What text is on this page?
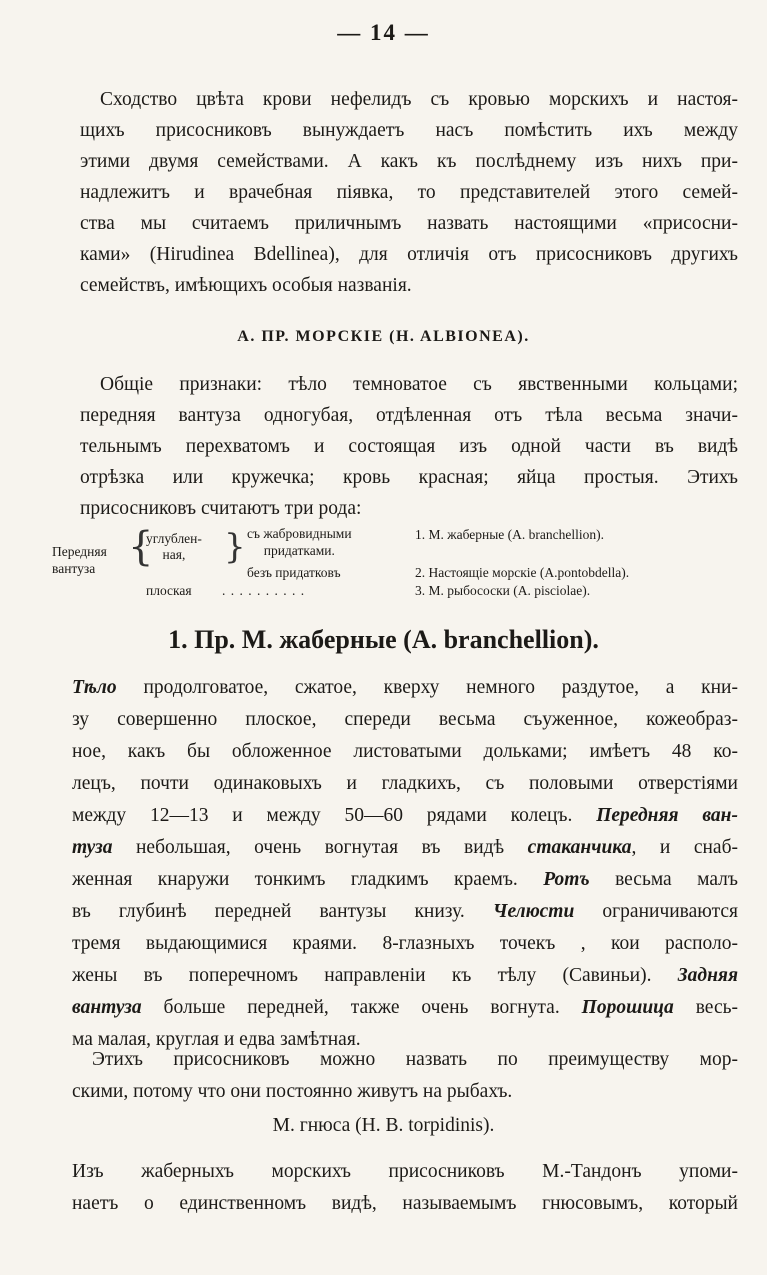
— 14 —
Сходство цвѣта крови нефелидъ съ кровью морскихъ и настоя-
щихъ присосниковъ вынуждаетъ насъ помѣстить ихъ между
этими двумя семействами. А какъ къ послѣднему изъ нихъ при-
надлежитъ и врачебная піявка, то представителей этого семей-
ства мы считаемъ приличнымъ назвать настоящими «присосни-
ками» (Hirudinea Bdellinea), для отличія отъ присосниковъ другихъ
семействъ, имѣющихъ особыя названія.
А. ПР. МОРСКІЕ (H. ALBIONEA).
Общіе признаки: тѣло темноватое съ явственными кольцами;
передняя вантуза одногубая, отдѣленная отъ тѣла весьма значи-
тельнымъ перехватомъ и состоящая изъ одной части въ видѣ
отрѣзка или кружечка; кровь красная; яйца простыя. Этихъ
присосниковъ считаютъ три рода:
Передняя
вантуза {
углублен-
ная,	} съ жабровидными
придатками.
безъ придатковъ
плоская . . . . . . . . . .
1. М. жаберные (A. branchellion).
2. Настоящіе морскіе (A.pontobdella).
3. М. рыбососки (A. pisciolae).
1. Пр. М. жаберные (A. branchellion).
Тѣло продолговатое, сжатое, кверху немного раздутое, а кни-
зу совершенно плоское, спереди весьма съуженное, кожеобраз-
ное, какъ бы обложенное листоватыми дольками; имѣетъ 48 ко-
лецъ, почти одинаковыхъ и гладкихъ, съ половыми отверстіями
между 12—13 и между 50—60 рядами колецъ. Передняя ван-
туза небольшая, очень вогнутая въ видѣ стаканчика, и снаб-
женная кнаружи тонкимъ гладкимъ краемъ. Ротъ весьма малъ
въ глубинѣ передней вантузы книзу. Челюсти ограничиваются
тремя выдающимися краями. 8-глазныхъ точекъ , кои располо-
жены въ поперечномъ направленіи къ тѣлу (Савиньи). Задняя
вантуза больше передней, также очень вогнута. Порошица весь-
ма малая, круглая и едва замѣтная.
Этихъ присосниковъ можно назвать по преимуществу мор-
скими, потому что они постоянно живутъ на рыбахъ.
М. гнюса (H. B. torpidinis).
Изъ жаберныхъ морскихъ присосниковъ М.-Тандонъ упоми-
наетъ о единственномъ видѣ, называемымъ гнюсовымъ, который
